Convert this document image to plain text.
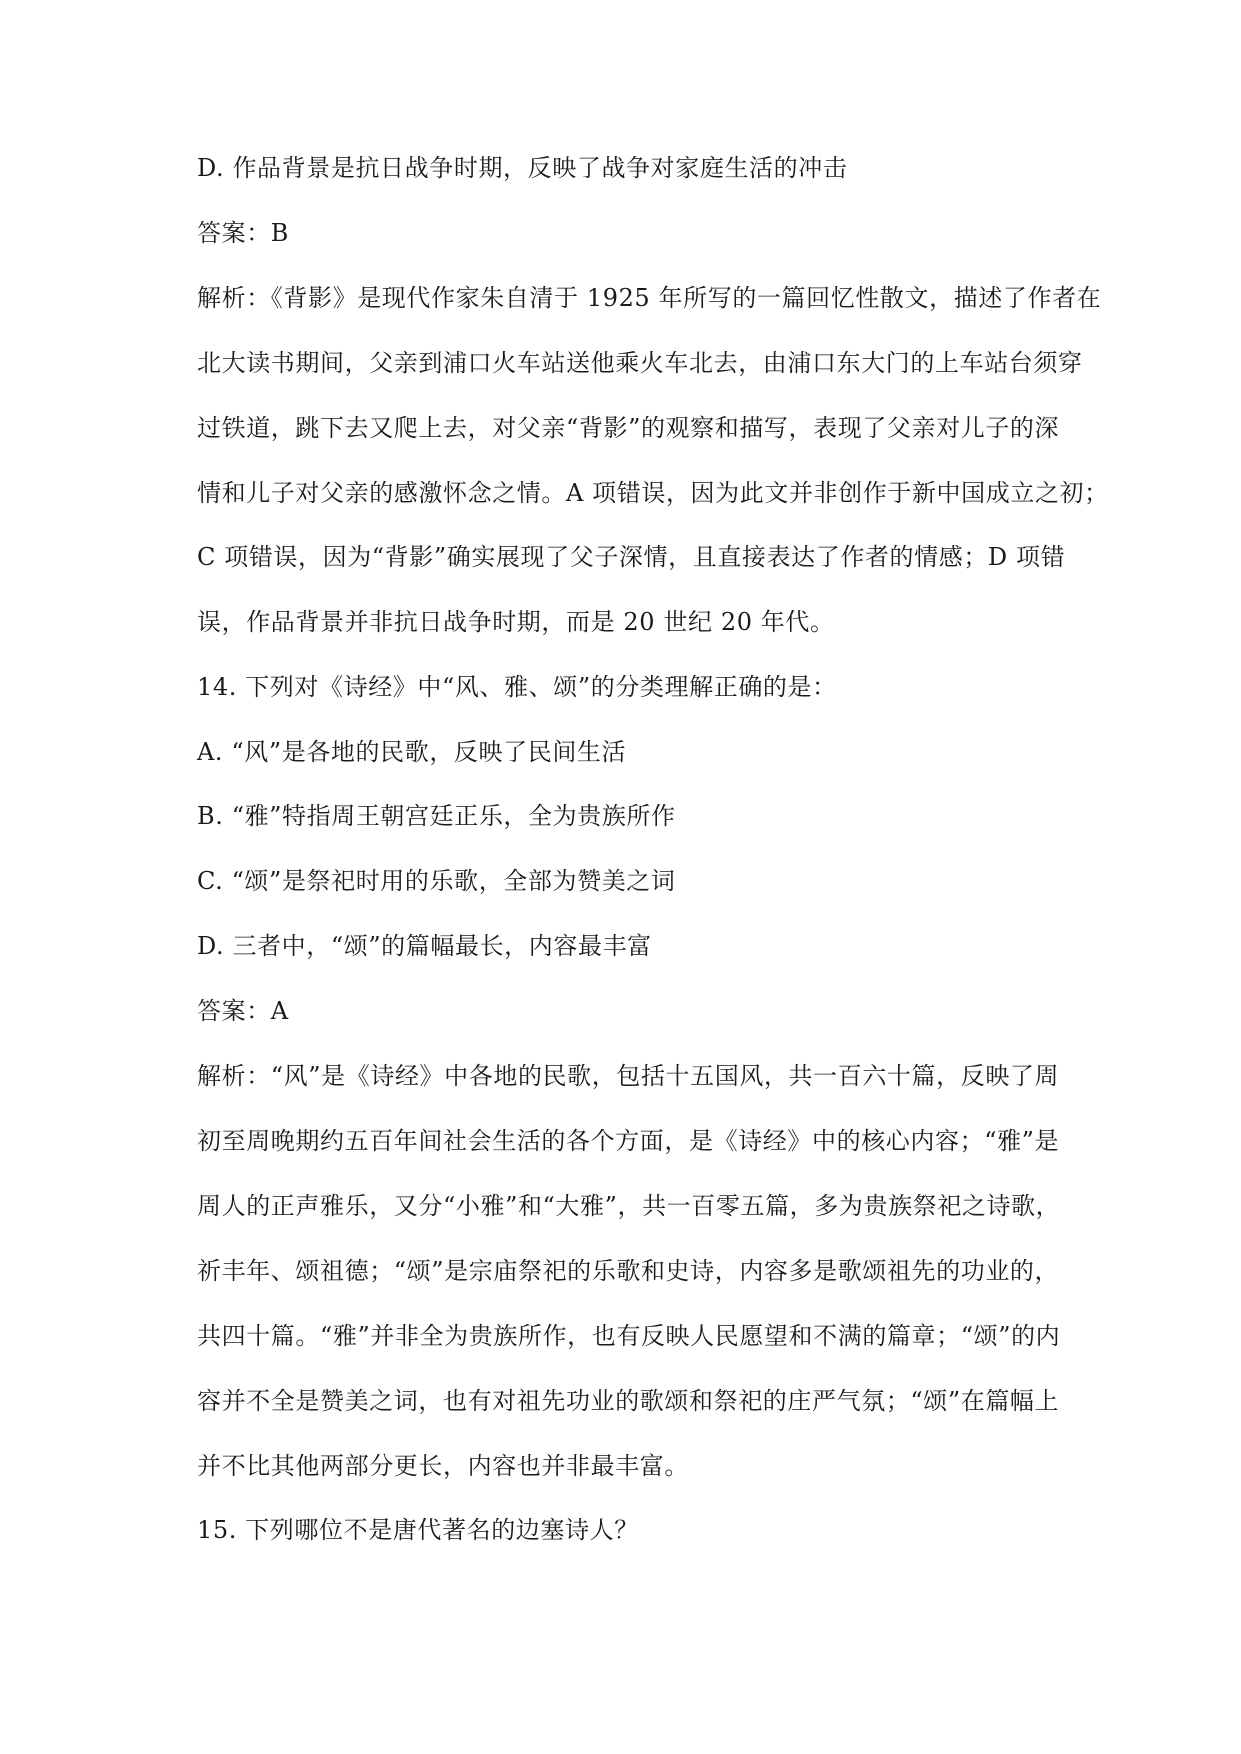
D. 作品背景是抗日战争时期，反映了战争对家庭生活的冲击
答案：B
解析：《背影》是现代作家朱自清于 1925 年所写的一篇回忆性散文，描述了作者在
北大读书期间，父亲到浦口火车站送他乘火车北去，由浦口东大门的上车站台须穿
过铁道，跳下去又爬上去，对父亲“背影”的观察和描写，表现了父亲对儿子的深
情和儿子对父亲的感激怀念之情。A 项错误，因为此文并非创作于新中国成立之初；
C 项错误，因为“背影”确实展现了父子深情，且直接表达了作者的情感；D 项错
误，作品背景并非抗日战争时期，而是 20 世纪 20 年代。
14. 下列对《诗经》中“风、雅、颂”的分类理解正确的是：
A. “风”是各地的民歌，反映了民间生活
B. “雅”特指周王朝宫廷正乐，全为贵族所作
C. “颂”是祭祀时用的乐歌，全部为赞美之词
D. 三者中，“颂”的篇幅最长，内容最丰富
答案：A
解析：“风”是《诗经》中各地的民歌，包括十五国风，共一百六十篇，反映了周
初至周晚期约五百年间社会生活的各个方面，是《诗经》中的核心内容；“雅”是
周人的正声雅乐，又分“小雅”和“大雅”，共一百零五篇，多为贵族祭祀之诗歌，
祈丰年、颂祖德；“颂”是宗庙祭祀的乐歌和史诗，内容多是歌颂祖先的功业的，
共四十篇。“雅”并非全为贵族所作，也有反映人民愿望和不满的篇章；“颂”的内
容并不全是赞美之词，也有对祖先功业的歌颂和祭祀的庄严气氛；“颂”在篇幅上
并不比其他两部分更长，内容也并非最丰富。
15. 下列哪位不是唐代著名的边塞诗人？
